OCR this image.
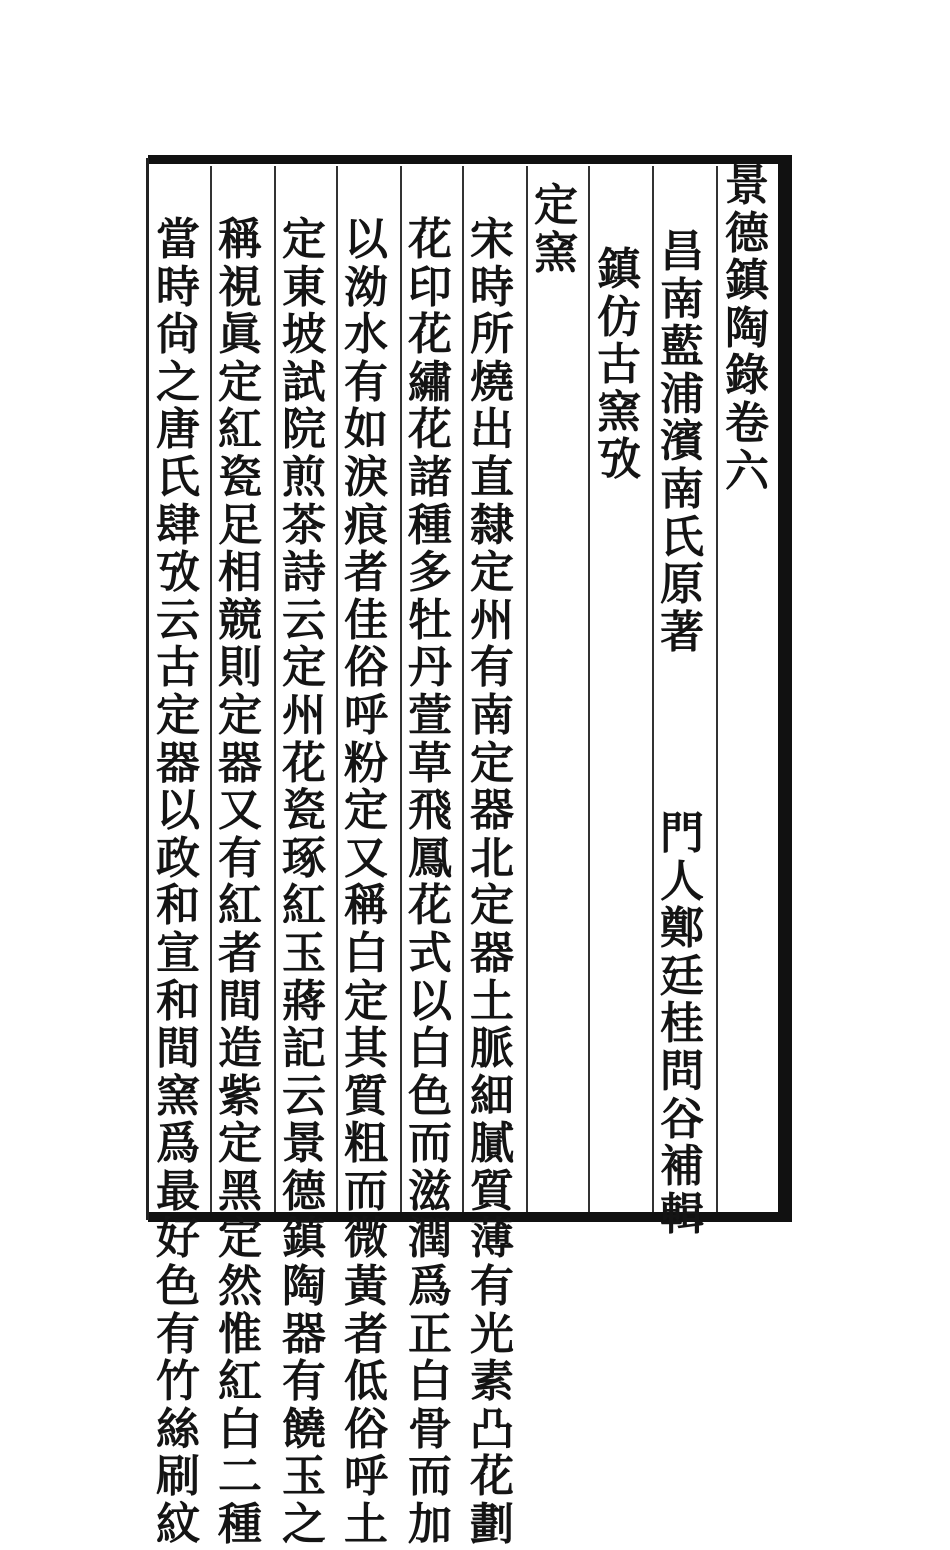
景
德
鎮
陶
錄
卷
六
昌
南
藍
浦
濱
南
氏
原
著
門
人
鄭
廷
桂
問
谷
補
輯
鎮
仿
古
窯
攷
定
窯
宋
時
所
燒
出
直
隸
定
州
有
南
定
器
北
定
器
土
脈
細
膩
質
薄
有
光
素
凸
花
劃
花
印
花
繡
花
諸
種
多
牡
丹
萱
草
飛
鳳
花
式
以
白
色
而
滋
潤
爲
正
白
骨
而
加
以
泑
水
有
如
淚
痕
者
佳
俗
呼
粉
定
又
稱
白
定
其
質
粗
而
微
黃
者
低
俗
呼
土
定
東
坡
試
院
煎
茶
詩
云
定
州
花
瓷
琢
紅
玉
蔣
記
云
景
德
鎮
陶
器
有
饒
玉
之
稱
視
眞
定
紅
瓷
足
相
競
則
定
器
又
有
紅
者
間
造
紫
定
黑
定
然
惟
紅
白
二
種
當
時
尙
之
唐
氏
肆
攷
云
古
定
器
以
政
和
宣
和
間
窯
爲
最
好
色
有
竹
絲
刷
紋
